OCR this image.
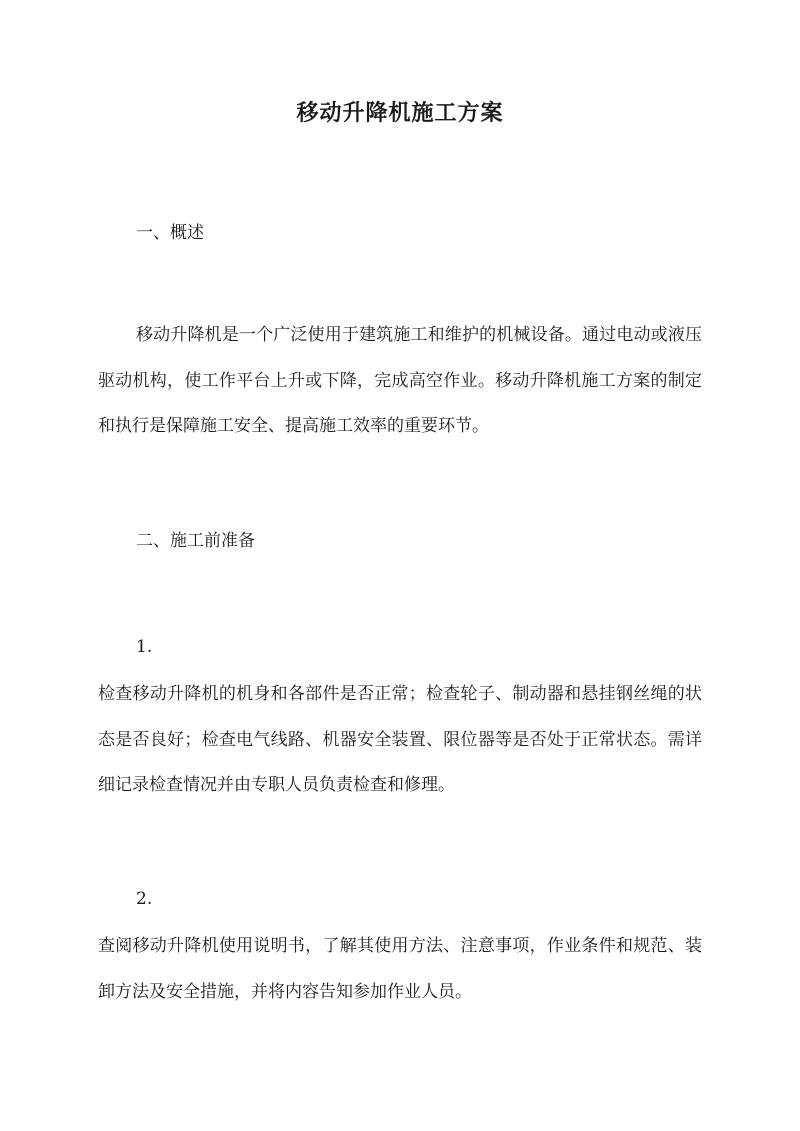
移动升降机施工方案
一、概述
移动升降机是一个广泛使用于建筑施工和维护的机械设备。通过电动或液压驱动机构，使工作平台上升或下降，完成高空作业。移动升降机施工方案的制定和执行是保障施工安全、提高施工效率的重要环节。
二、施工前准备
1.
检查移动升降机的机身和各部件是否正常；检查轮子、制动器和悬挂钢丝绳的状态是否良好；检查电气线路、机器安全装置、限位器等是否处于正常状态。需详细记录检查情况并由专职人员负责检查和修理。
2.
查阅移动升降机使用说明书，了解其使用方法、注意事项，作业条件和规范、装卸方法及安全措施，并将内容告知参加作业人员。
